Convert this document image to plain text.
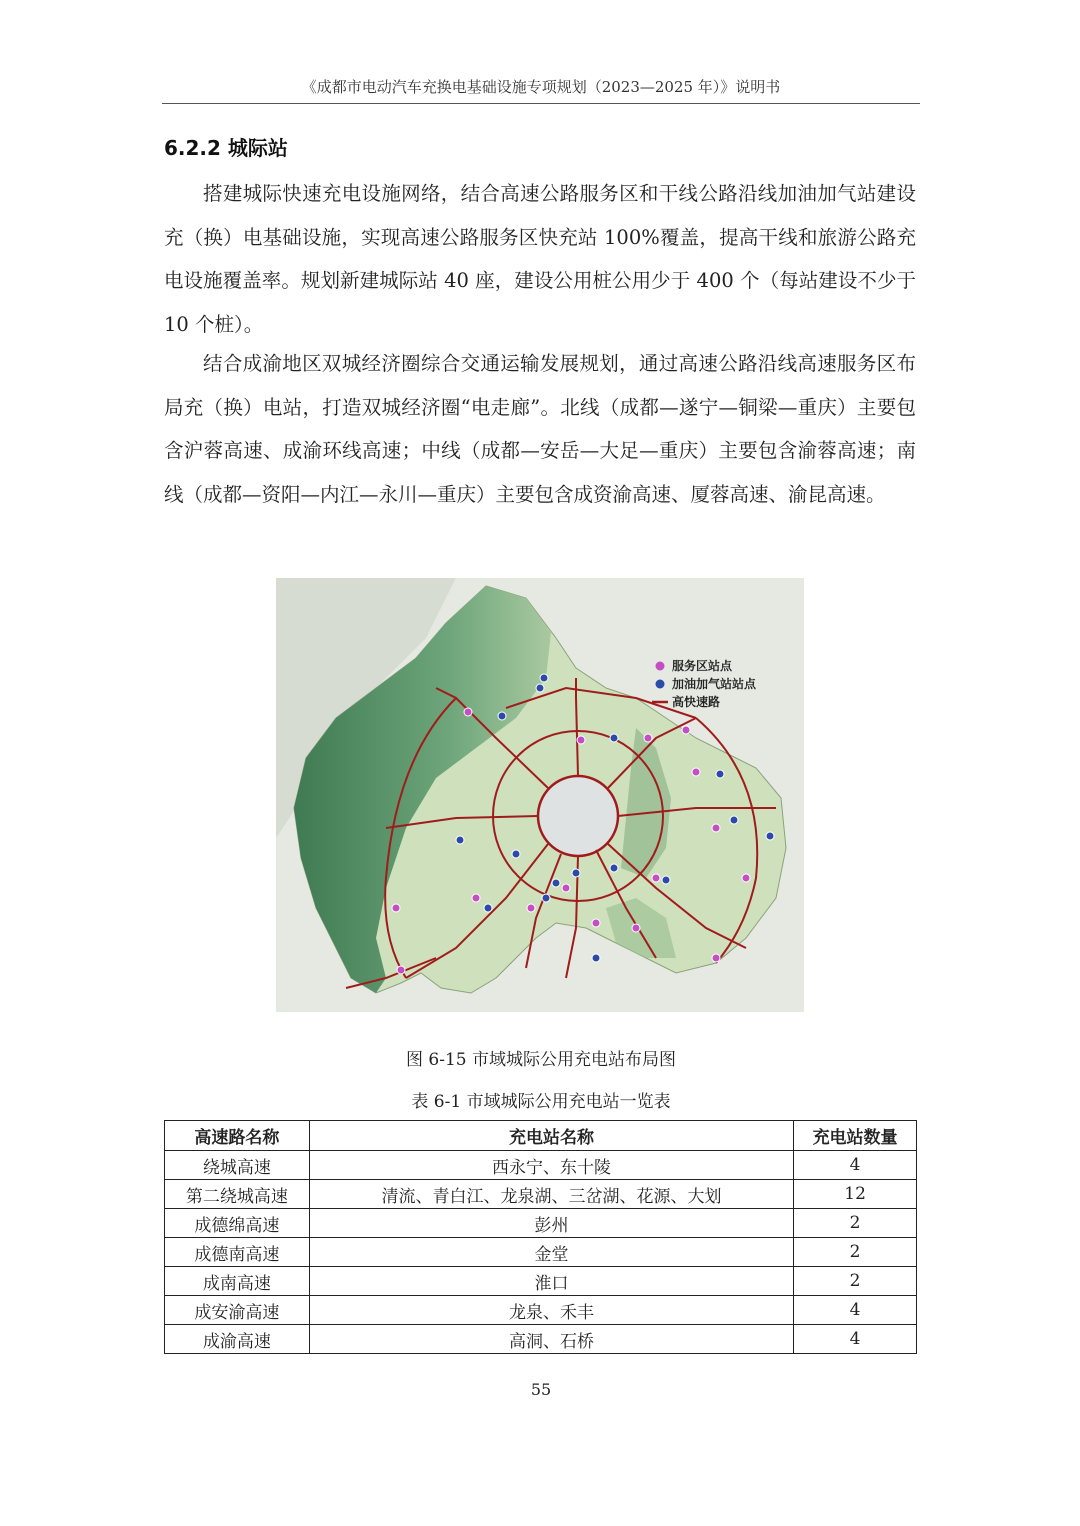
《成都市电动汽车充换电基础设施专项规划（2023—2025 年）》说明书
6.2.2 城际站

搭建城际快速充电设施网络，结合高速公路服务区和干线公路沿线加油加气站建设充（换）电基础设施，实现高速公路服务区快充站 100%覆盖，提高干线和旅游公路充电设施覆盖率。规划新建城际站 40 座，建设公用桩公用少于 400 个（每站建设不少于 10 个桩）。

结合成渝地区双城经济圈综合交通运输发展规划，通过高速公路沿线高速服务区布局充（换）电站，打造双城经济圈“电走廊”。北线（成都—遂宁—铜梁—重庆）主要包含沪蓉高速、成渝环线高速；中线（成都—安岳—大足—重庆）主要包含渝蓉高速；南线（成都—资阳—内江—永川—重庆）主要包含成资渝高速、厦蓉高速、渝昆高速。

服务区站点
加油加气站站点
高快速路
图 6-15 市域城际公用充电站布局图
表 6-1 市域城际公用充电站一览表
高速路名称	充电站名称	充电站数量
绕城高速	西永宁、东十陵	4
第二绕城高速	清流、青白江、龙泉湖、三岔湖、花源、大划	12
成德绵高速	彭州	2
成德南高速	金堂	2
成南高速	淮口	2
成安渝高速	龙泉、禾丰	4
成渝高速	高洞、石桥	4
55
